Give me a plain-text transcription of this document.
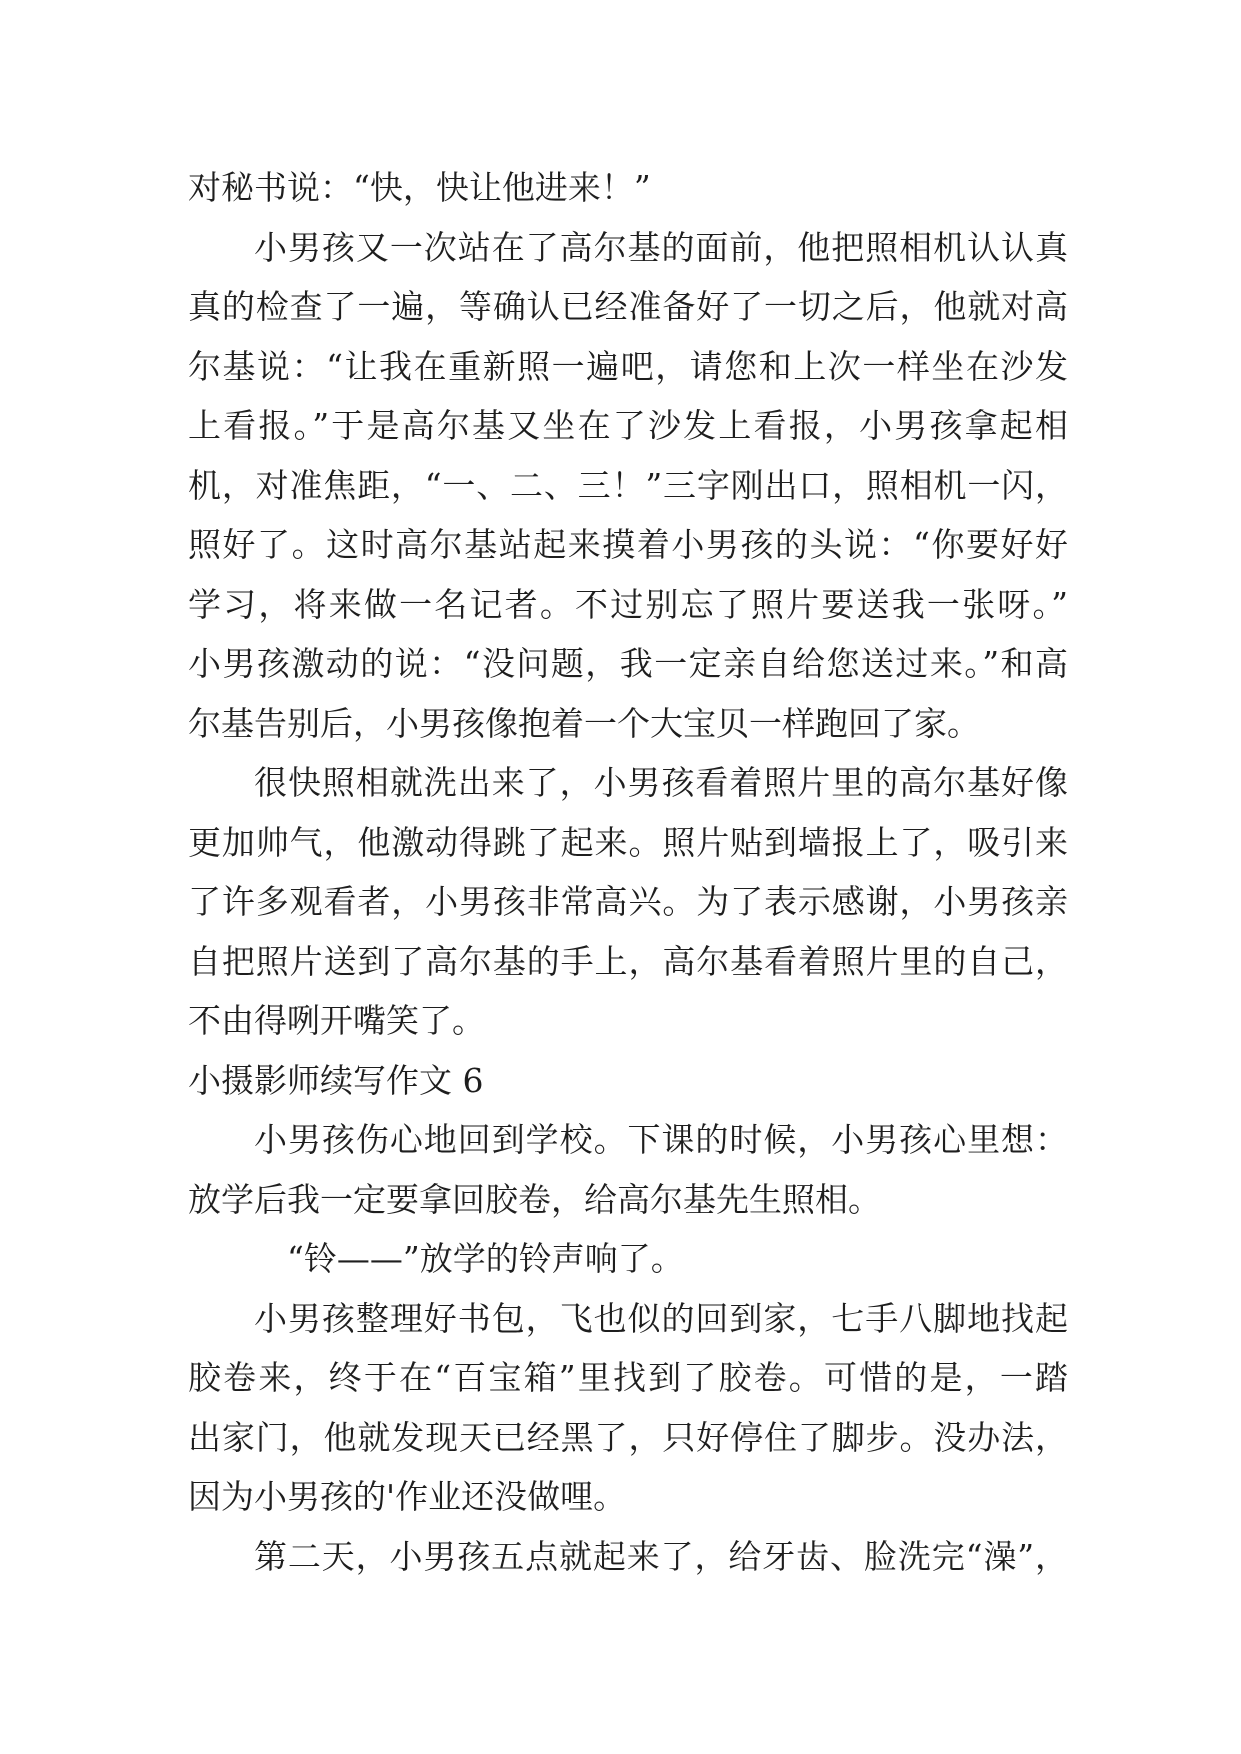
对秘书说：“快，快让他进来！”
小男孩又一次站在了高尔基的面前，他把照相机认认真
真的检查了一遍，等确认已经准备好了一切之后，他就对高
尔基说：“让我在重新照一遍吧，请您和上次一样坐在沙发
上看报。”于是高尔基又坐在了沙发上看报，小男孩拿起相
机，对准焦距，“一、二、三！”三字刚出口，照相机一闪，
照好了。这时高尔基站起来摸着小男孩的头说：“你要好好
学习，将来做一名记者。不过别忘了照片要送我一张呀。”
小男孩激动的说：“没问题，我一定亲自给您送过来。”和高
尔基告别后，小男孩像抱着一个大宝贝一样跑回了家。
很快照相就洗出来了，小男孩看着照片里的高尔基好像
更加帅气，他激动得跳了起来。照片贴到墙报上了，吸引来
了许多观看者，小男孩非常高兴。为了表示感谢，小男孩亲
自把照片送到了高尔基的手上，高尔基看着照片里的自己，
不由得咧开嘴笑了。
小摄影师续写作文 6
小男孩伤心地回到学校。下课的时候，小男孩心里想：
放学后我一定要拿回胶卷，给高尔基先生照相。
“铃——”放学的铃声响了。
小男孩整理好书包，飞也似的回到家，七手八脚地找起
胶卷来，终于在“百宝箱”里找到了胶卷。可惜的是，一踏
出家门，他就发现天已经黑了，只好停住了脚步。没办法，
因为小男孩的'作业还没做哩。
第二天，小男孩五点就起来了，给牙齿、脸洗完“澡”，
